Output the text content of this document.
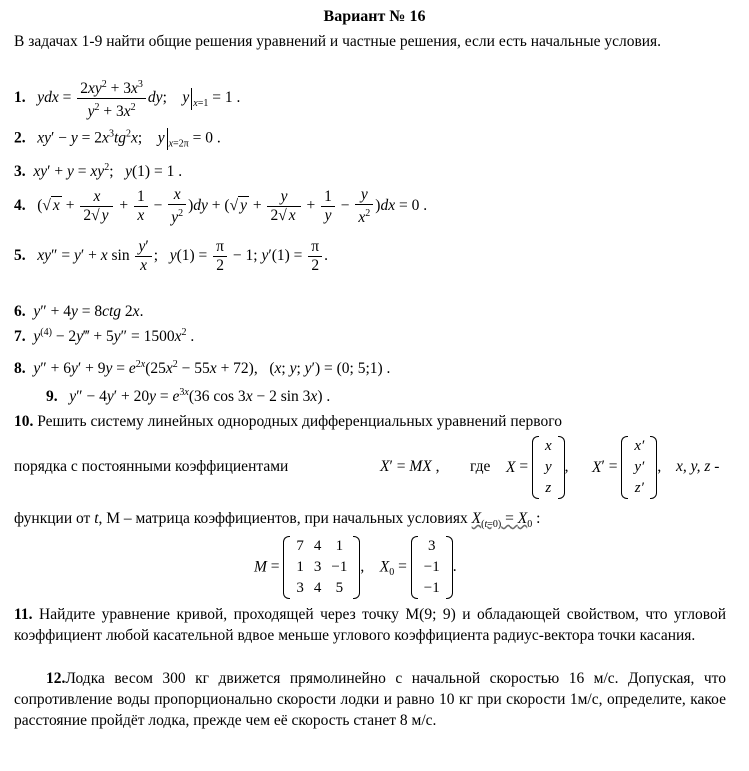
Вариант № 16
В задачах 1-9 найти общие решения уравнений и частные решения, если есть начальные условия.
1. ydx = $\frac{2xy^2 + 3x^3}{y^2 + 3x^2}$ dy;    y $_{x=1}$ = 1 .
2. $xy' - y = 2x^3tg^2x$;    y $_{x=2\pi}$ = 0 .
3. $xy' + y = xy^2$;   y(1) = 1 .
4.   (√ $x + \frac{x}{2√ y} + \frac{1}{x} - \frac{x}{y^2} )dy$ + (√ $y + \frac{y}{2√ x} + \frac{1}{y} - \frac{y}{x^2} )dx = 0$ .
5. xy″ = y′ + x $\sin \frac{y'}{x}$ ;   $y(1) = \frac{\pi}{2} - 1$; $y'(1) = \frac{\pi}{2}$ .
6. y″ + 4y = 8ctg 2x.
7. $y^{(4)}$ − 2y‴ + $5y'' = 1500x^2$ .
8. $y'' + 6y' + 9y = e^{2x}(25x^2 - 55x + 72)$,   (x; y; y′) = (0; 5;1) .
9. $y'' - 4y' + 20y = e^{3x}(36$ cos 3x − 2 sin 3x) .
10. Решить систему линейных однородных дифференциальных уравнений первого
порядка с постоянными коэффициентами	X′ = MX , где X =
x
y
z
, X′ =
x′
y′
z′
, x, y, z -
функции от t, M – матрица коэффициентов, при начальных условиях $X_{(t=0)} = X_0$ :
M =
7	4	1
1	3	−1
3	4	5
,    $X_0$ =
3
−1
−1
.
11. Найдите уравнение кривой, проходящей через точку М(9; 9) и обладающей свойством, что угловой коэффициент любой касательной вдвое меньше углового коэффициента радиус-вектора точки касания.
12.Лодка весом 300 кг движется прямолинейно с начальной скоростью 16 м/с. Допуская, что сопротивление воды пропорционально скорости лодки и равно 10 кг при скорости 1м/с, определите, какое расстояние пройдёт лодка, прежде чем её скорость станет 8 м/с.
